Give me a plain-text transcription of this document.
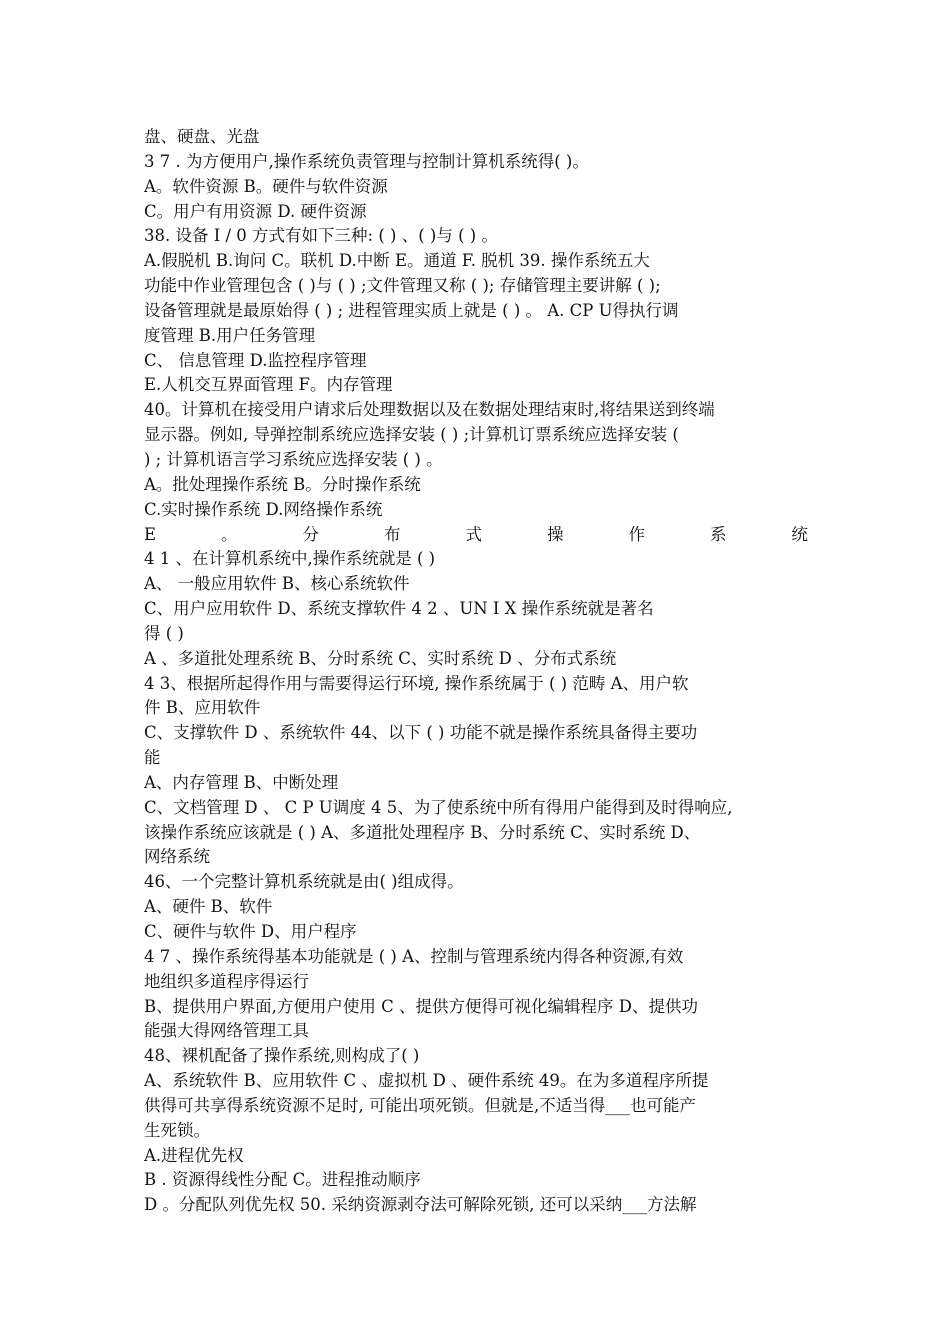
盘、硬盘、光盘
3 7 . 为方便用户,操作系统负责管理与控制计算机系统得( )。
A。软件资源 B。硬件与软件资源
C。用户有用资源 D. 硬件资源
38. 设备 I / 0 方式有如下三种: ( ) 、( )与 ( ) 。
A.假脱机 B.询问 C。联机 D.中断 E。通道 F. 脱机 39. 操作系统五大
功能中作业管理包含 ( )与 ( ) ;文件管理又称 ( ); 存储管理主要讲解 ( );
设备管理就是最原始得 ( ) ; 进程管理实质上就是 ( ) 。 A. CP U得执行调
度管理 B.用户任务管理
C、 信息管理 D.监控程序管理
E.人机交互界面管理 F。内存管理
40。计算机在接受用户请求后处理数据以及在数据处理结束时,将结果送到终端
显示器。例如, 导弹控制系统应选择安装 ( ) ;计算机订票系统应选择安装 (
) ; 计算机语言学习系统应选择安装 ( ) 。
A。批处理操作系统 B。分时操作系统
C.实时操作系统 D.网络操作系统
E	。	分	布	式	操	作	系	统
4 1 、在计算机系统中,操作系统就是 ( )
A、 一般应用软件 B、核心系统软件
C、用户应用软件 D、系统支撑软件 4 2 、UN I X 操作系统就是著名
得 ( )
A 、多道批处理系统 B、分时系统 C、实时系统 D 、分布式系统
4 3、根据所起得作用与需要得运行环境, 操作系统属于 ( ) 范畴 A、用户软
件 B、应用软件
C、支撑软件 D 、系统软件 44、以下 ( ) 功能不就是操作系统具备得主要功
能
A、内存管理 B、中断处理
C、文档管理 D 、 C P U调度 4 5、为了使系统中所有得用户能得到及时得响应,
该操作系统应该就是 ( ) A、多道批处理程序 B、分时系统 C、实时系统 D、
网络系统
46、一个完整计算机系统就是由( )组成得。
A、硬件 B、软件
C、硬件与软件 D、用户程序
4 7 、操作系统得基本功能就是 ( ) A、控制与管理系统内得各种资源,有效
地组织多道程序得运行
B、提供用户界面,方便用户使用 C 、提供方便得可视化编辑程序 D、提供功
能强大得网络管理工具
48、裸机配备了操作系统,则构成了( )
A、系统软件 B、应用软件 C 、虚拟机 D 、硬件系统 49。在为多道程序所提
供得可共享得系统资源不足时, 可能出项死锁。但就是,不适当得___也可能产
生死锁。
A.进程优先权
B . 资源得线性分配 C。进程推动顺序
D 。分配队列优先权 50. 采纳资源剥夺法可解除死锁, 还可以采纳___方法解
